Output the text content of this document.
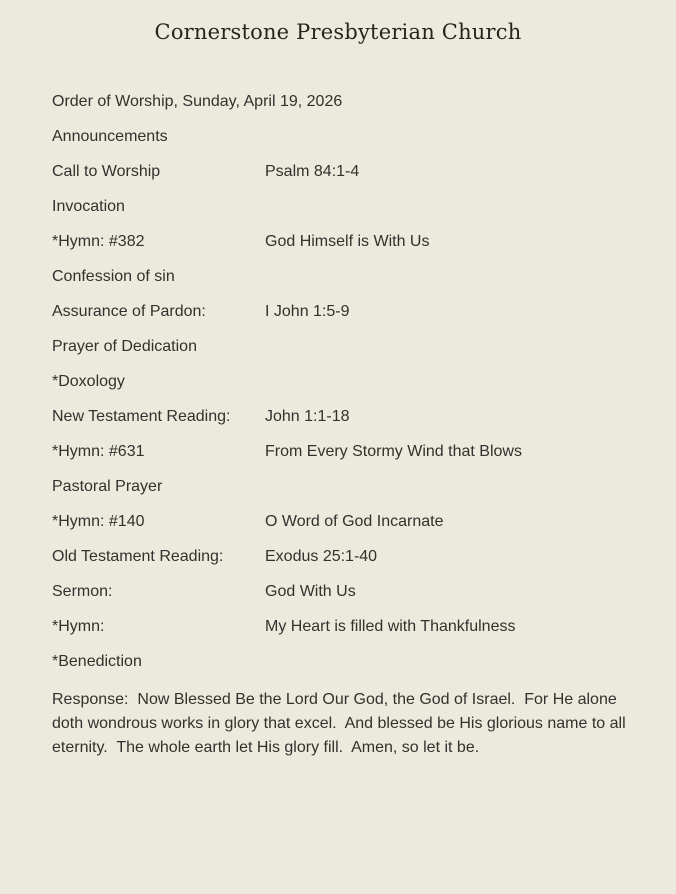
Cornerstone Presbyterian Church
Order of Worship, Sunday, April 19, 2026
Announcements
Call to Worship	Psalm 84:1-4
Invocation
*Hymn: #382	God Himself is With Us
Confession of sin
Assurance of Pardon:	I John 1:5-9
Prayer of Dedication
*Doxology
New Testament Reading:	John 1:1-18
*Hymn: #631	From Every Stormy Wind that Blows
Pastoral Prayer
*Hymn: #140	O Word of God Incarnate
Old Testament Reading:	Exodus 25:1-40
Sermon:	God With Us
*Hymn:	My Heart is filled with Thankfulness
*Benediction

Response:  Now Blessed Be the Lord Our God, the God of Israel.  For He alone doth wondrous works in glory that excel.  And blessed be His glorious name to all eternity.  The whole earth let His glory fill.  Amen, so let it be.
